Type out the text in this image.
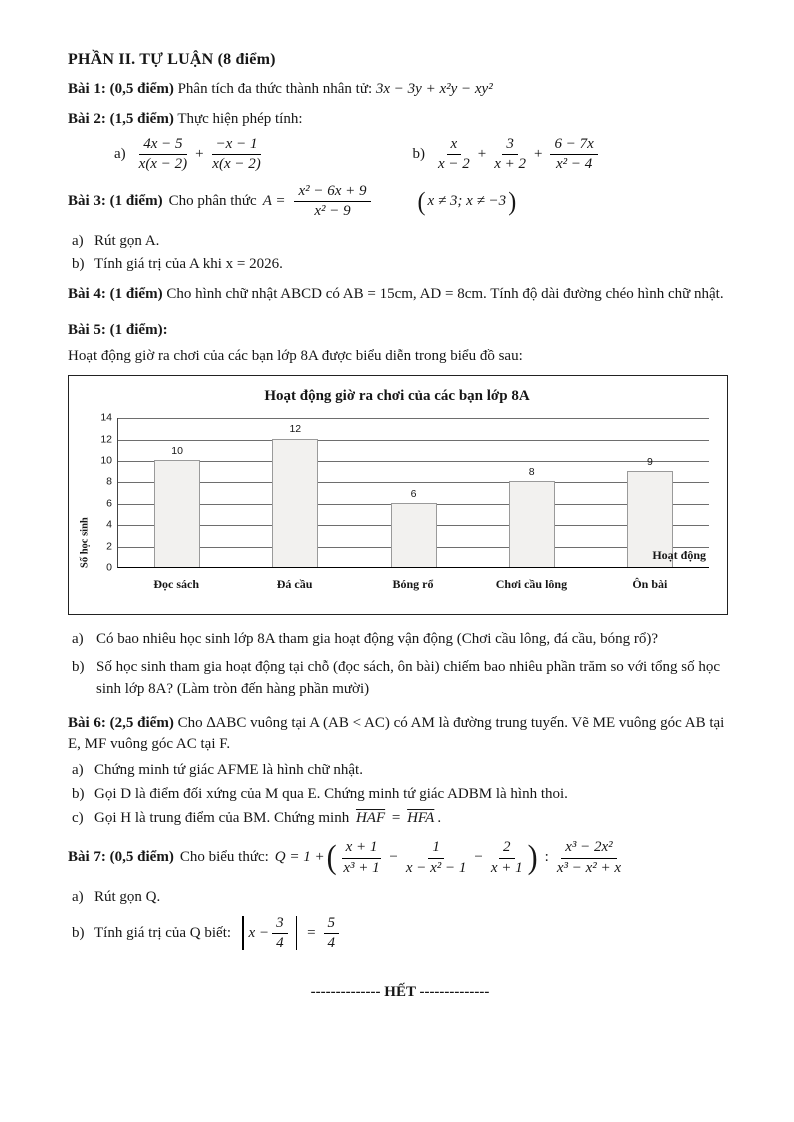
PHẦN II. TỰ LUẬN (8 điểm)

Bài 1: (0,5 điểm) Phân tích đa thức thành nhân tử: 3x − 3y + x²y − xy²

Bài 2: (1,5 điểm) Thực hiện phép tính:

$a) \frac{4x - 5}{x(x - 2)} + \frac{-x - 1}{x(x - 2)}$	$b) \frac{x}{x - 2} + \frac{3}{x + 2} + \frac{6 - 7x}{\text{x² − 4}}$
Bài 3: (1 điểm) Cho phân thức $A = \frac{\text{x² − 6x + 9}}{\text{x² − 9}}$ ( x ≠ 3; x ≠ −3 )
a) Rút gọn A.
b) Tính giá trị của A khi x = 2026.

Bài 4: (1 điểm) Cho hình chữ nhật ABCD có AB = 15cm, AD = 8cm. Tính độ dài đường chéo hình chữ nhật.

Bài 5: (1 điểm):

Hoạt động giờ ra chơi của các bạn lớp 8A được biểu diễn trong biểu đồ sau:

Hoạt động giờ ra chơi của các bạn lớp 8A
Số học sinh 0
2
4
6
8
10
12
14
10
12
6
8
9
Hoạt động
Đọc sách	Đá cầu	Bóng rổ	Chơi cầu lông	Ôn bài
a) Có bao nhiêu học sinh lớp 8A tham gia hoạt động vận động (Chơi cầu lông, đá cầu, bóng rổ)?
b) Số học sinh tham gia hoạt động tại chỗ (đọc sách, ôn bài) chiếm bao nhiêu phần trăm so với tổng số học sinh lớp 8A? (Làm tròn đến hàng phần mười)

Bài 6: (2,5 điểm) Cho ∆ABC vuông tại A (AB < AC) có AM là đường trung tuyến. Vẽ ME vuông góc AB tại E, MF vuông góc AC tại F.

a) Chứng minh tứ giác AFME là hình chữ nhật.
b) Gọi D là điểm đối xứng của M qua E. Chứng minh tứ giác ADBM là hình thoi.
c) Gọi H là trung điểm của BM. Chứng minh $\overline{HAF} = \overline{HFA}$ .
Bài 7: (0,5 điểm) Cho biểu thức: Q = 1 + ( $\frac{x + 1}{\text{x³ + 1}} - \frac{1}{\text{x − x² − 1}} - \frac{2}{x + 1}$ ) : $\frac{\text{x³ − 2x²}}{\text{x³ − x² + x}}$
a) Rút gọn Q.
b) Tính giá trị của Q biết: $x - \frac{3}{4} = \frac{5}{4}$
-------------- HẾT --------------
